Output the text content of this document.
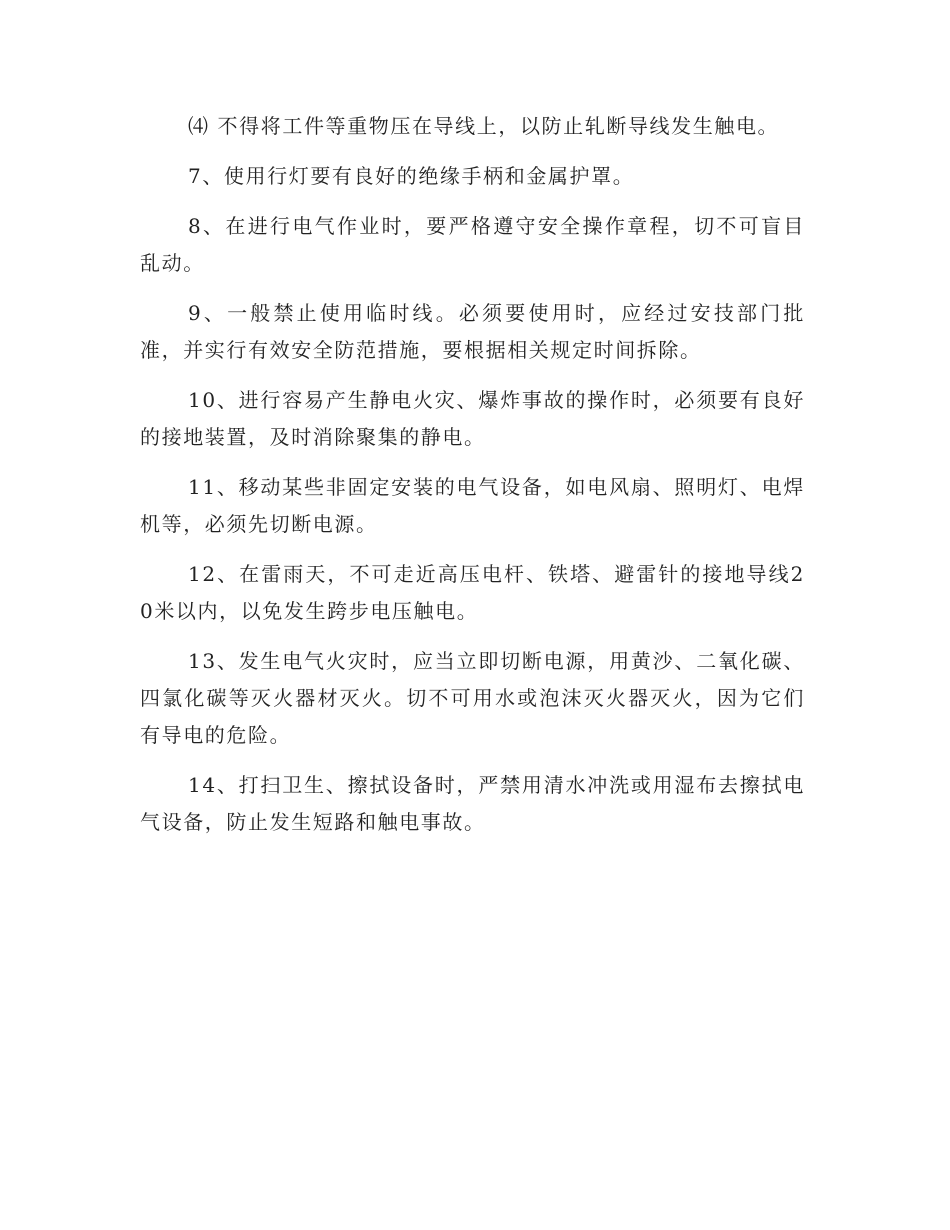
⑷ 不得将工件等重物压在导线上，以防止轧断导线发生触电。

7、使用行灯要有良好的绝缘手柄和金属护罩。

8、在进行电气作业时，要严格遵守安全操作章程，切不可盲目乱动。

9、一般禁止使用临时线。必须要使用时，应经过安技部门批准，并实行有效安全防范措施，要根据相关规定时间拆除。

10、进行容易产生静电火灾、爆炸事故的操作时，必须要有良好的接地装置，及时消除聚集的静电。

11、移动某些非固定安装的电气设备，如电风扇、照明灯、电焊机等，必须先切断电源。

12、在雷雨天，不可走近高压电杆、铁塔、避雷针的接地导线20米以内，以免发生跨步电压触电。

13、发生电气火灾时，应当立即切断电源，用黄沙、二氧化碳、四氯化碳等灭火器材灭火。切不可用水或泡沫灭火器灭火，因为它们有导电的危险。

14、打扫卫生、擦拭设备时，严禁用清水冲洗或用湿布去擦拭电气设备，防止发生短路和触电事故。
